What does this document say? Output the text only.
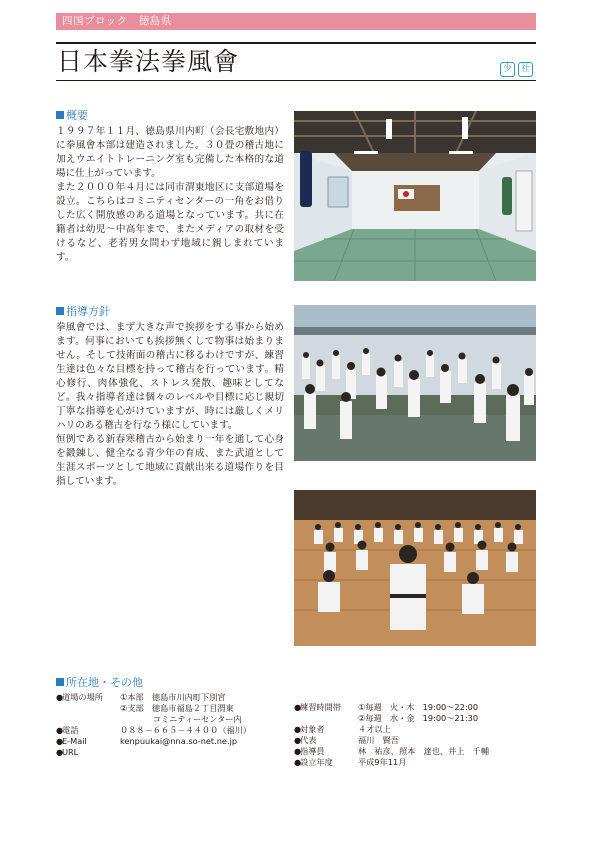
四国ブロック　徳島県
日本拳法拳風會	少 社
概要

１９９７年１１月、徳島県川内町（会長宅敷地内）に拳風會本部は建造されました。３０畳の稽古地に加えウエイトトレーニング室も完備した本格的な道場に仕上がっています。

また２０００年４月には同市渭東地区に支部道場を設立。こちらはコミニティセンターの一角をお借りした広く開放感のある道場となっています。共に在籍者は幼児～中高年まで、またメディアの取材を受けるなど、老若男女問わず地域に親しまれています。

指導方針

拳風會では、まず大きな声で挨拶をする事から始めます。何事においても挨拶無くして物事は始まりません。そして技術面の稽古に移るわけですが、練習生達は色々な目標を持って稽古を行っています。精心修行、肉体強化、ストレス発散、趣味としてなど。我々指導者達は個々のレベルや目標に応じ親切丁寧な指導を心がけていますが、時には厳しくメリハリのある稽古を行なう様にしています。

恒例である新春寒稽古から始まり一年を通して心身を鍛錬し、健全なる青少年の育成、また武道として生涯スポーツとして地域に貢献出来る道場作りを目指しています。

所在地・その他
●
道場の場所	①本部　徳島市川内町下別宮
②支部　徳島市福島２丁目渭東
　　　　コミニティーセンター内
●
電話	０８８－６６５－４４００（福川）
●
E-Mail	kenpuukai@nna.so-net.ne.jp
●
URL
●
練習時間帯	①毎週　火・木　19:00～22:00
②毎週　水・金　19:00～21:30
●
対象者	４才以上
●
代表	福川　賢吾
●
指導員	林　祐彦、照本　達也、井上　千輔
●
設立年度	平成9年11月
